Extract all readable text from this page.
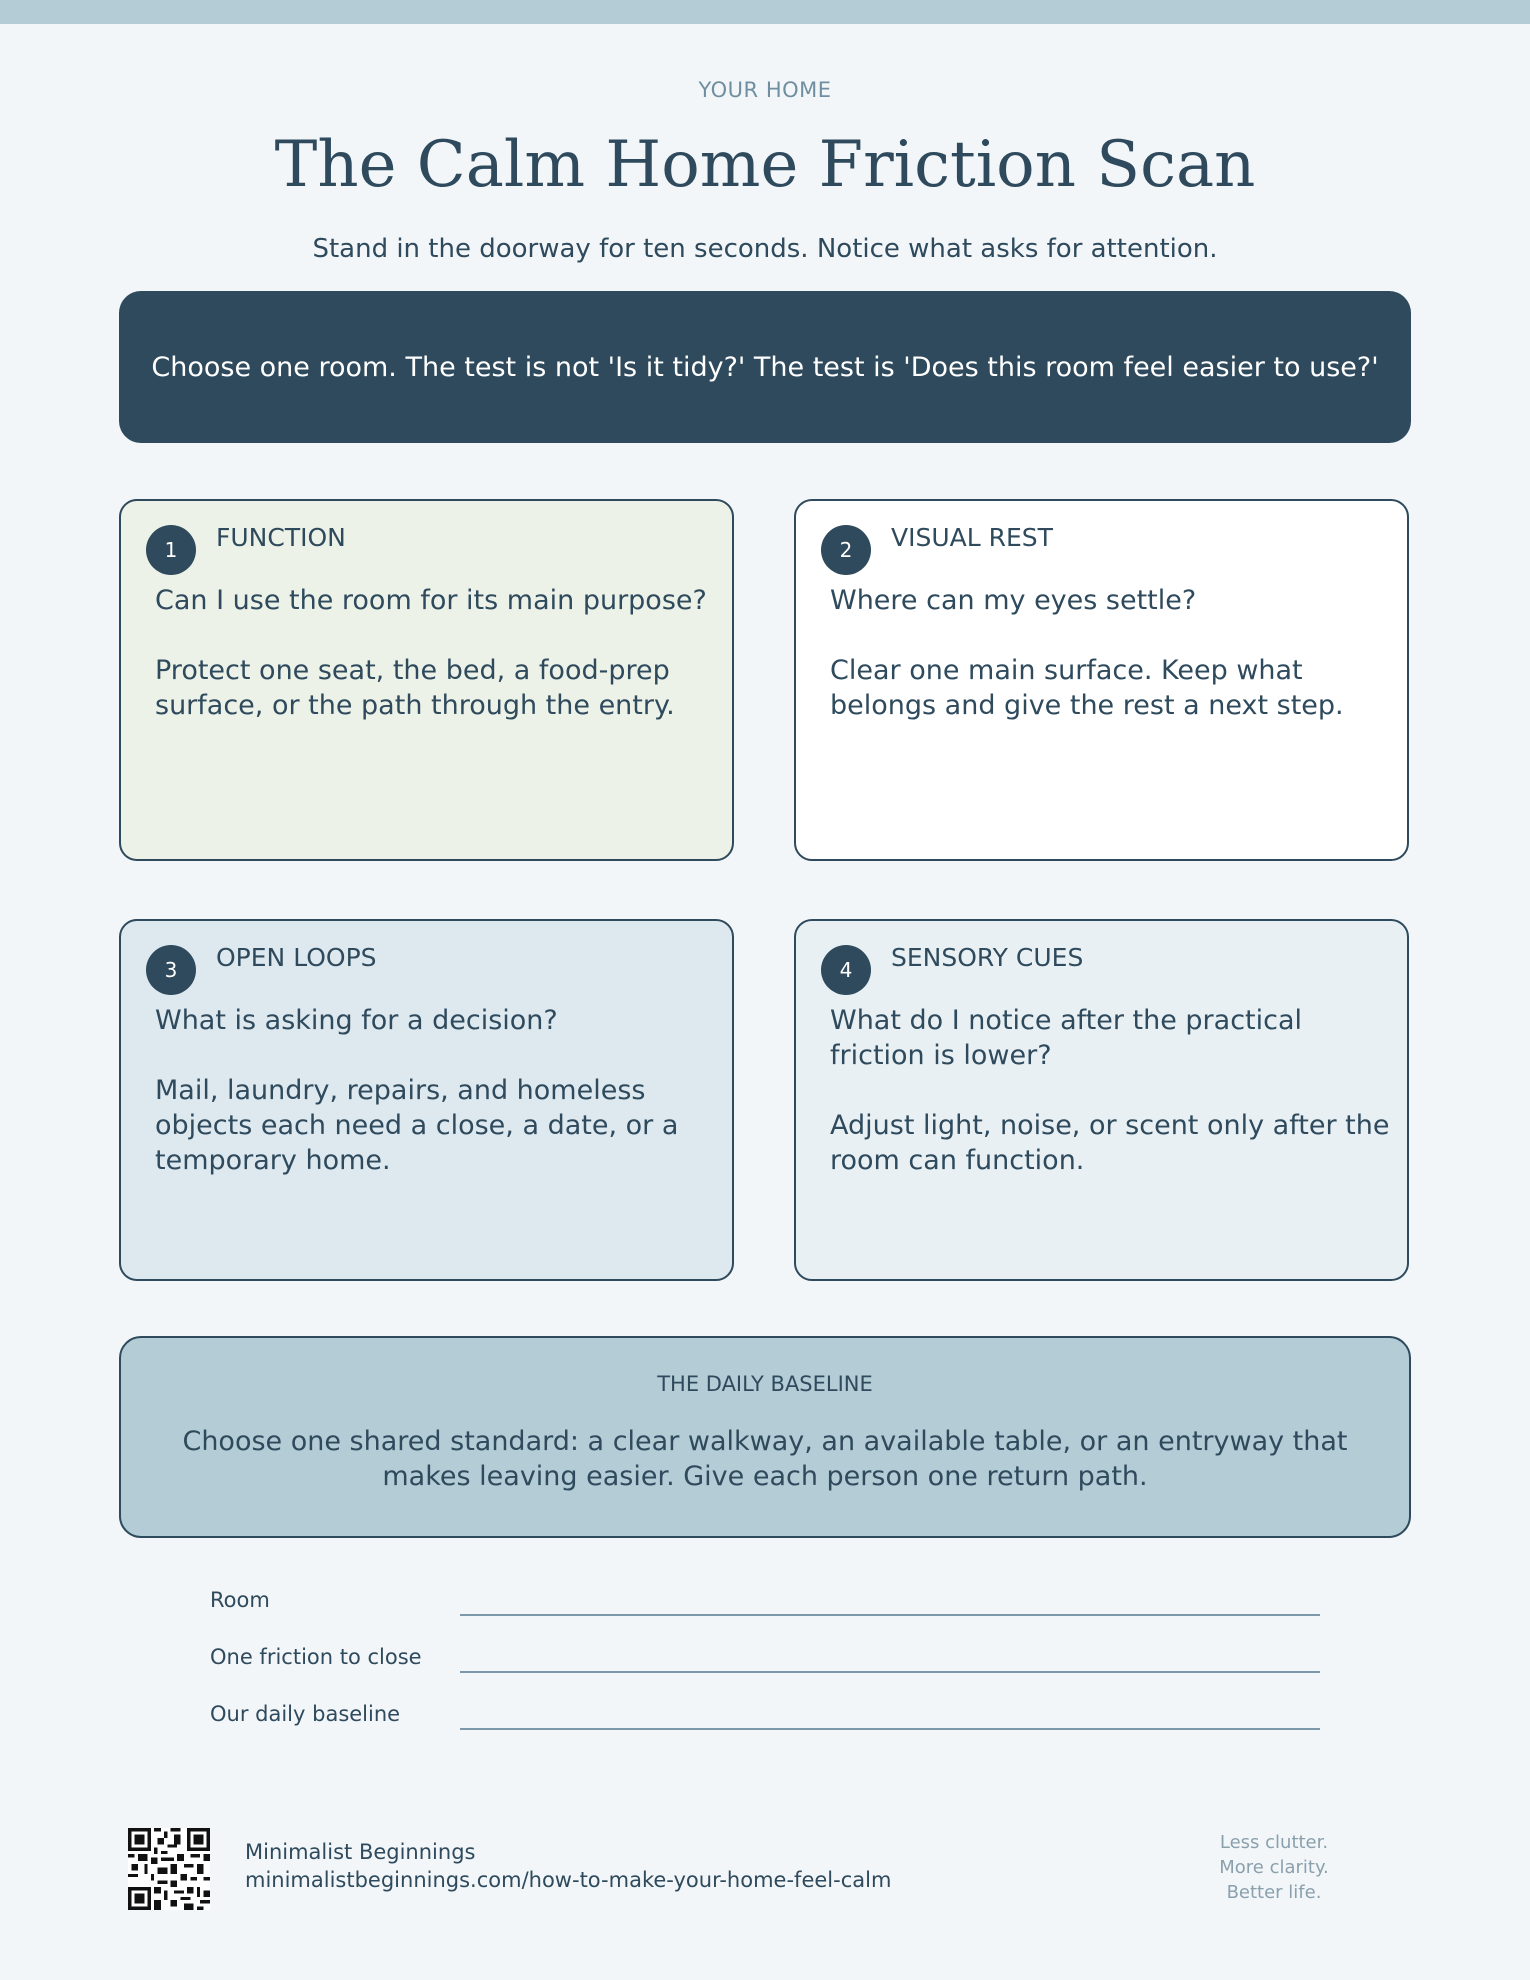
YOUR HOME
The Calm Home Friction Scan
Stand in the doorway for ten seconds. Notice what asks for attention.
Choose one room. The test is not 'Is it tidy?' The test is 'Does this room feel easier to use?'
1	FUNCTION
Can I use the room for its main purpose?
Protect one seat, the bed, a food-prep surface, or the path through the entry.
2	VISUAL REST
Where can my eyes settle?
Clear one main surface. Keep what belongs and give the rest a next step.
3	OPEN LOOPS
What is asking for a decision?
Mail, laundry, repairs, and homeless objects each need a close, a date, or a temporary home.
4	SENSORY CUES
What do I notice after the practical friction is lower?
Adjust light, noise, or scent only after the room can function.
THE DAILY BASELINE
Choose one shared standard: a clear walkway, an available table, or an entryway that makes leaving easier. Give each person one return path.
Room
One friction to close
Our daily baseline
Minimalist Beginnings
minimalistbeginnings.com/how-to-make-your-home-feel-calm
Less clutter.
More clarity.
Better life.
